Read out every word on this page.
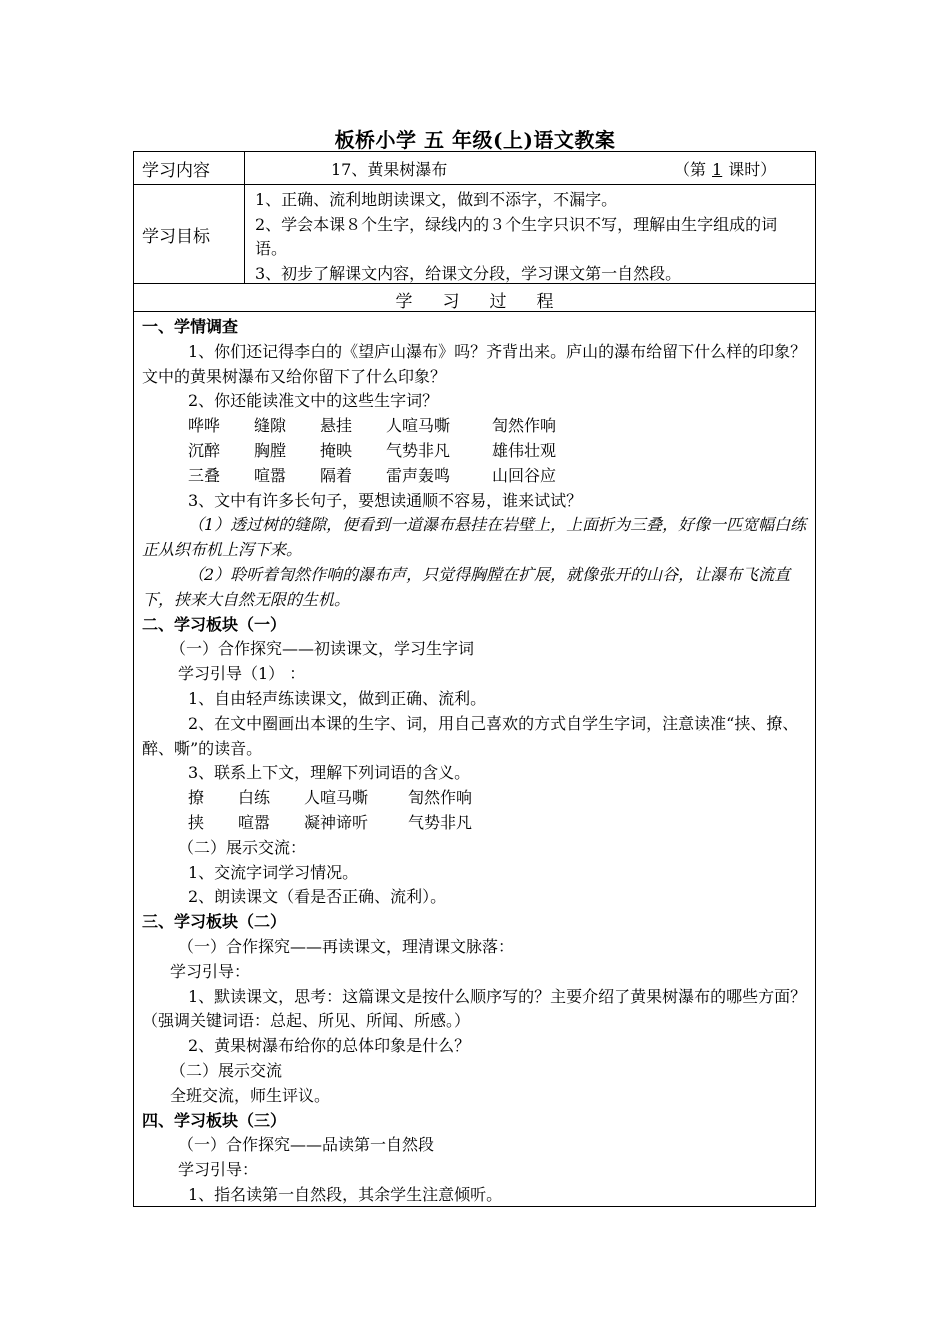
板桥小学 五 年级(上)语文教案
学习内容	17、黄果树瀑布	（第 1 课时）
学习目标
1、正确、流利地朗读课文，做到不添字，不漏字。
2、学会本课８个生字，绿线内的３个生字只识不写，理解由生字组成的词语。
3、初步了解课文内容，给课文分段，学习课文第一自然段。
学习过程
一、学情调查
1、你们还记得李白的《望庐山瀑布》吗？齐背出来。庐山的瀑布给留下什么样的印象？文中的黄果树瀑布又给你留下了什么印象？
2、你还能读准文中的这些生字词？
哗哗	缝隙	悬挂	人喧马嘶	訇然作响
沉醉	胸膛	掩映	气势非凡	雄伟壮观
三叠	喧嚣	隔着	雷声轰鸣	山回谷应
3、文中有许多长句子，要想读通顺不容易，谁来试试？
（1）透过树的缝隙，便看到一道瀑布悬挂在岩壁上，上面折为三叠，好像一匹宽幅白练正从织布机上泻下来。
（2）聆听着訇然作响的瀑布声，只觉得胸膛在扩展，就像张开的山谷，让瀑布飞流直下，挟来大自然无限的生机。
二、学习板块（一）
（一）合作探究——初读课文，学习生字词
学习引导（1） ：
1、自由轻声练读课文，做到正确、流利。
2、在文中圈画出本课的生字、词，用自己喜欢的方式自学生字词，注意读准“挟、撩、醉、嘶”的读音。
3、联系上下文，理解下列词语的含义。
撩	白练	人喧马嘶	訇然作响
挟	喧嚣	凝神谛听	气势非凡
（二）展示交流：
1、交流字词学习情况。
2、朗读课文（看是否正确、流利）。
三、学习板块（二）
（一）合作探究——再读课文，理清课文脉落：
学习引导：
1、默读课文，思考：这篇课文是按什么顺序写的？主要介绍了黄果树瀑布的哪些方面？（强调关键词语：总起、所见、所闻、所感。）
2、黄果树瀑布给你的总体印象是什么？
（二）展示交流
全班交流，师生评议。
四、学习板块（三）
（一）合作探究——品读第一自然段
学习引导：
1、指名读第一自然段，其余学生注意倾听。
